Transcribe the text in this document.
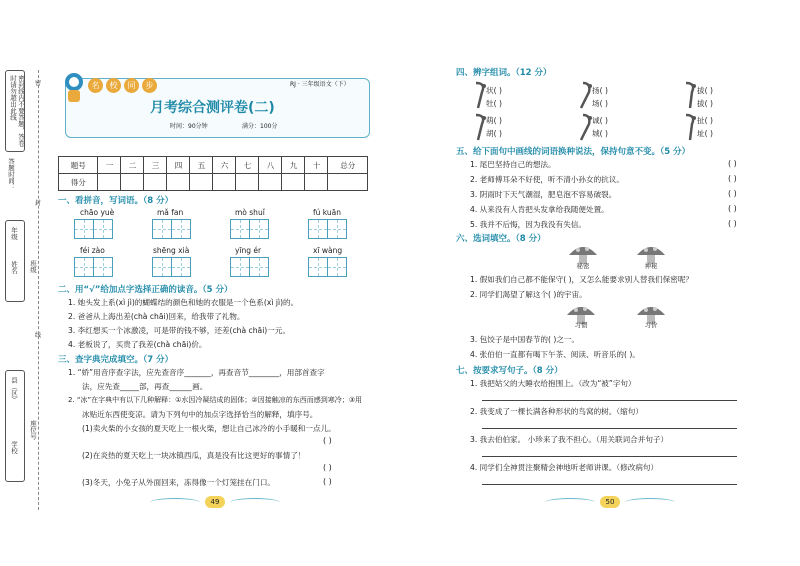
密封线内不要答题，答卷时请勿超出此线
答题时间：
年级
姓名 班级
县（区）
学校
座位号
密
封
线
名 校 同 步	RJ · 三年级语文（下）
月考综合测评卷(二)
时间：90分钟	满分：100分
题号	一	二	三	四	五	六	七	八	九	十	总分
得分											
一、看拼音，写词语。（8 分）
chāo yuè	mǎ fan	mò shuǐ	fú kuān
féi zào	shēng xià	yīng ér	xī wàng
二、用“√”给加点字选择正确的读音。（5 分）
1. 她头发上系(xì jì)的蝴蝶结的颜色和她的衣服是一个色系(xì jì)的。
2. 爸爸从上海出差(chà chāi)回来，给我带了礼物。
3. 李红想买一个冰激凌，可是带的钱不够，还差(chà chāi)一元。
4. 老板说了，买贵了我差(chà chāi)价。
三、查字典完成填空。（7 分）
1. “娇”用音序查字法，应先查音序_______，再查音节________，用部首查字
法，应先查_____部，再查______画。
2. “冰”在字典中有以下几种解释：①水因冷凝结成的固体；②因接触凉的东西而感到寒冷；③用
冰贴近东西使变凉。请为下列句中的加点字选择恰当的解释，填序号。
(1)卖火柴的小女孩的夏天吃上一根火柴，想让自己冰冷的小手暖和一点儿。
( )
(2)在炎热的夏天吃上一块冰镇西瓜，真是没有比这更好的事情了！
( )
(3)冬天，小兔子从外面回来，冻得像一个灯笼挂在门口。	( )
49
四、辨字组词。（12 分）
状( )
牡( )
扬( )
场( )
拔( )
拔( )
萌( )
胡( )
诚( )
城( )
扯( )
址( )
五、给下面句中画线的词语换种说法，保持句意不变。（5 分）
1. 尾巴坚持自己的想法。	( )
2. 老师傅耳朵不好使，听不清小孙女的抗议。	( )
3. 阴雨时下天气潮湿，肥皂泡不容易破裂。	( )
4. 从来没有人肯把头发拿给我随便处置。	( )
5. 我并不后悔，因为我没有失信。	( )
六、选词填空。（8 分）
秘密	神秘
1. 假如我们自己都不能保守( )，又怎么能要求别人替我们保密呢？
2. 同学们渴望了解这个( )的宇宙。
习惯	习价
3. 包饺子是中国春节的( )之一。
4. 张伯伯一直都有喝下午茶、阅读、听音乐的( )。
七、按要求写句子。（8 分）
1. 我把姑父的大睡衣给抱围上。（改为“被”字句）
2. 我变成了一棵长满各种形状的鸟窝的树。（缩句）
3. 我去伯伯家。 小珍来了我不担心。（用关联词合并句子）
4. 同学们全神贯注聚精会神地听老师讲课。（修改病句）
50
